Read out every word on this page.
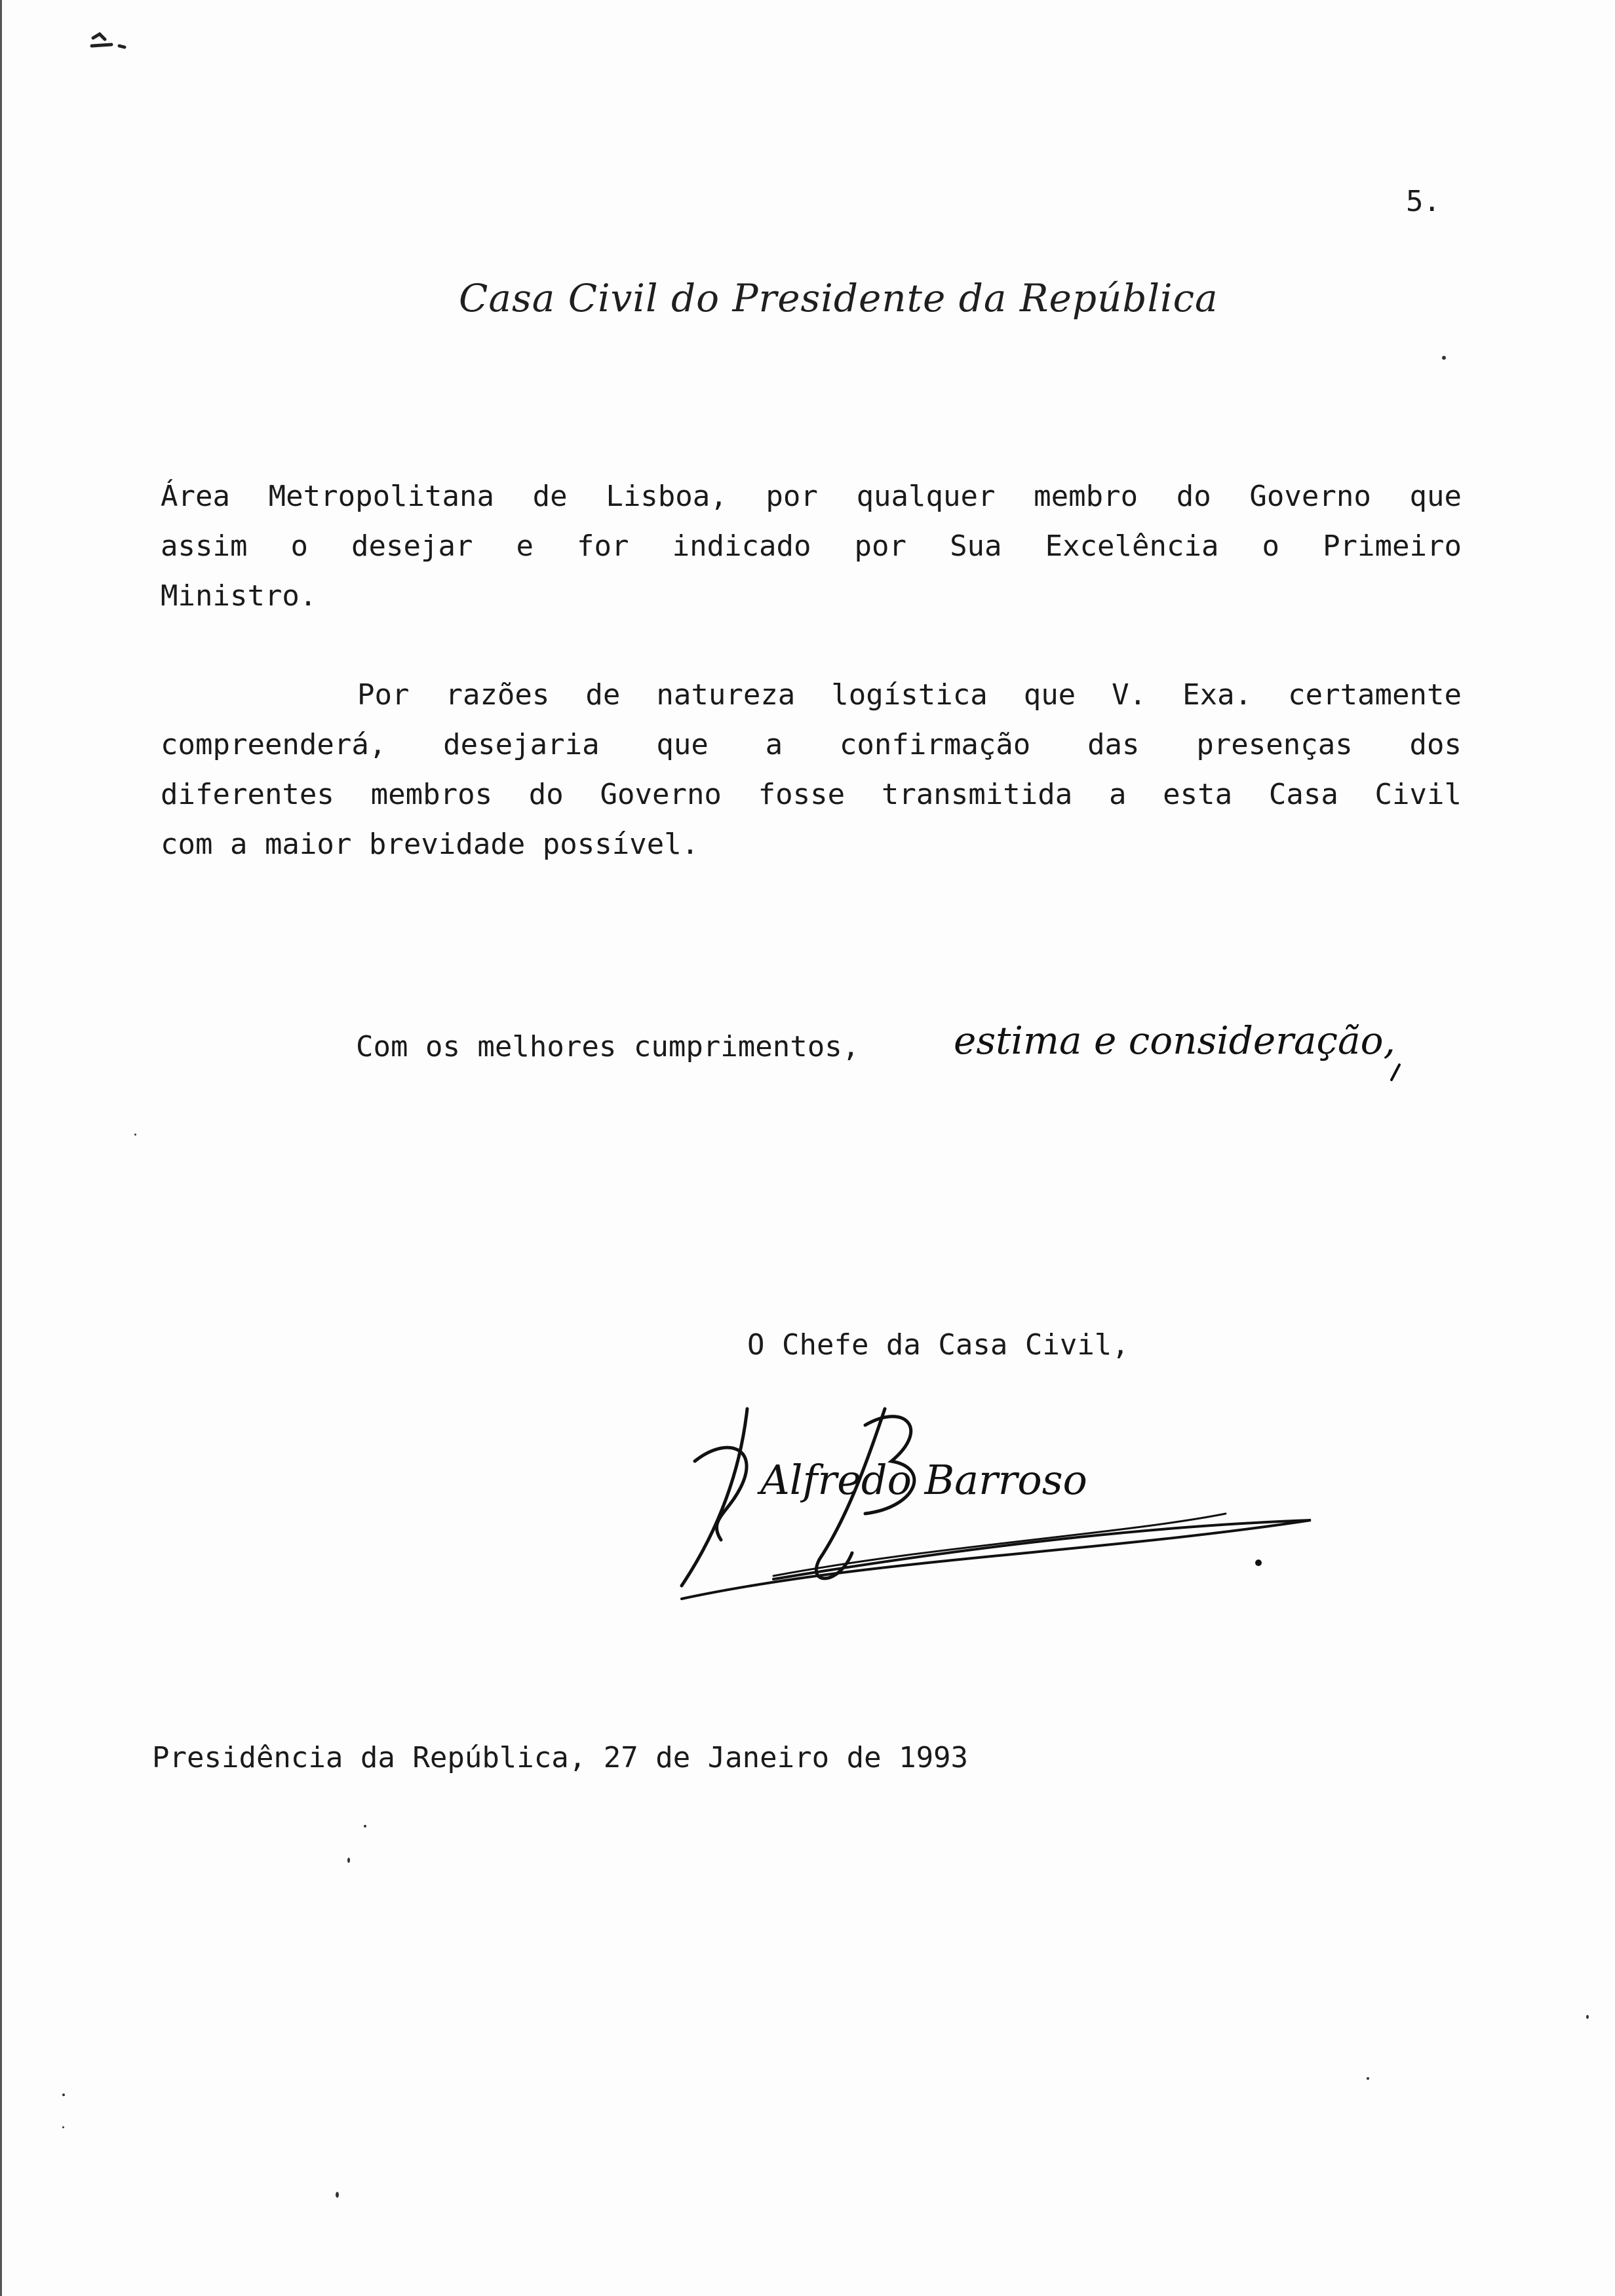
5.
Casa Civil do Presidente da República
Área Metropolitana de Lisboa, por qualquer membro do Governo que
assim o desejar e for indicado por Sua Excelência o Primeiro
Ministro.
Por razões de natureza logística que V. Exa. certamente
compreenderá, desejaria que a confirmação das presenças dos
diferentes membros do Governo fosse transmitida a esta Casa Civil
com a maior brevidade possível.
Com os melhores cumprimentos, estima e consideração,
O Chefe da Casa Civil,
Alfredo Barroso
Presidência da República, 27 de Janeiro de 1993
